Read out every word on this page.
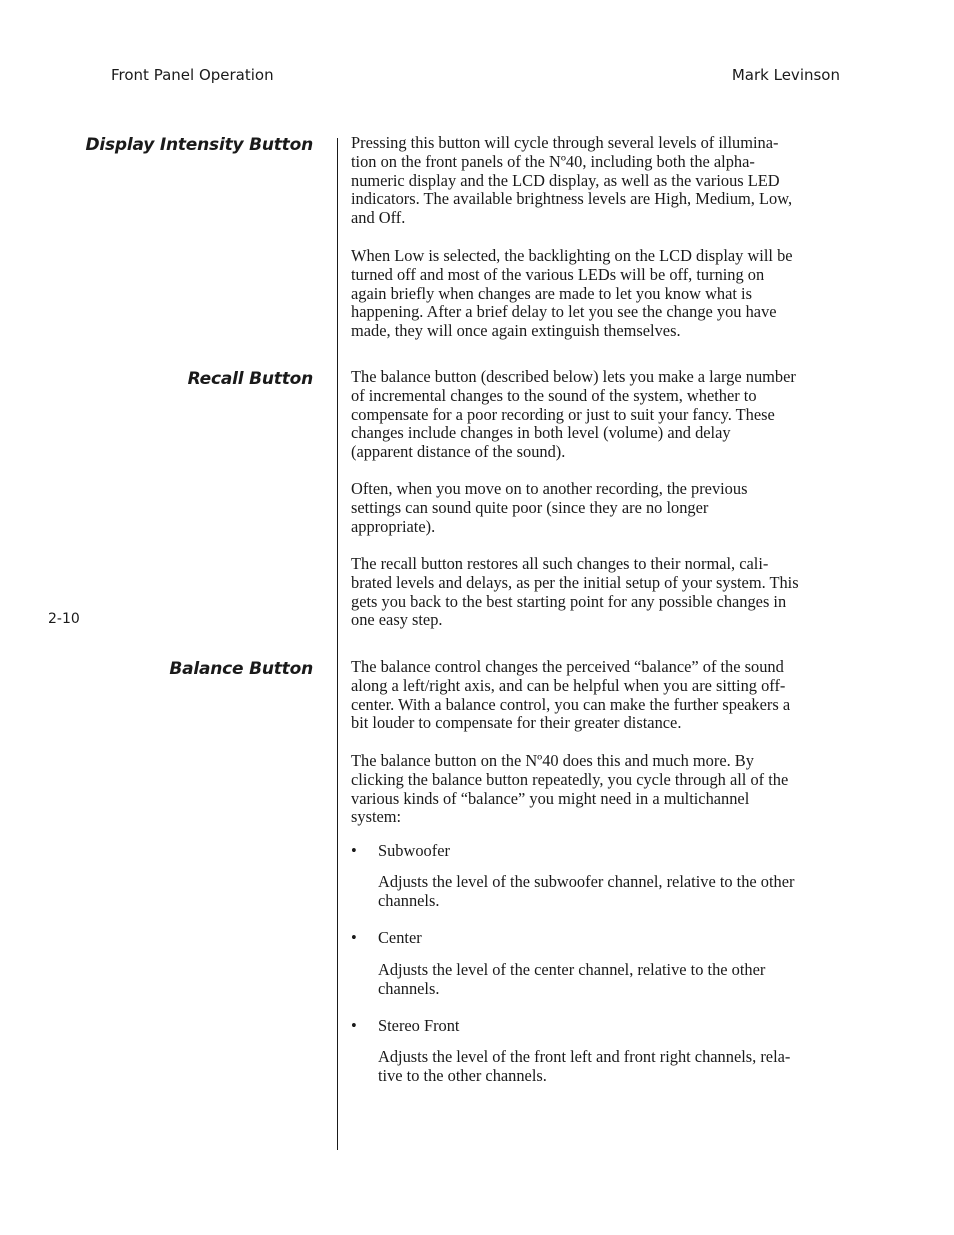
Front Panel Operation	Mark Levinson
2-10
Display Intensity Button Pressing this button will cycle through several levels of illumina-
tion on the front panels of the Nº40, including both the alpha-
numeric display and the LCD display, as well as the various LED
indicators. The available brightness levels are High, Medium, Low,
and Off.

When Low is selected, the backlighting on the LCD display will be
turned off and most of the various LEDs will be off, turning on
again briefly when changes are made to let you know what is
happening. After a brief delay to let you see the change you have
made, they will once again extinguish themselves.

Recall Button The balance button (described below) lets you make a large number
of incremental changes to the sound of the system, whether to
compensate for a poor recording or just to suit your fancy. These
changes include changes in both level (volume) and delay
(apparent distance of the sound).

Often, when you move on to another recording, the previous
settings can sound quite poor (since they are no longer
appropriate).

The recall button restores all such changes to their normal, cali-
brated levels and delays, as per the initial setup of your system. This
gets you back to the best starting point for any possible changes in
one easy step.

Balance Button The balance control changes the perceived “balance” of the sound
along a left/right axis, and can be helpful when you are sitting off-
center. With a balance control, you can make the further speakers a
bit louder to compensate for their greater distance.

The balance button on the Nº40 does this and much more. By
clicking the balance button repeatedly, you cycle through all of the
various kinds of “balance” you might need in a multichannel
system:

• Subwoofer

Adjusts the level of the subwoofer channel, relative to the other
channels.

• Center

Adjusts the level of the center channel, relative to the other
channels.

• Stereo Front

Adjusts the level of the front left and front right channels, rela-
tive to the other channels.
